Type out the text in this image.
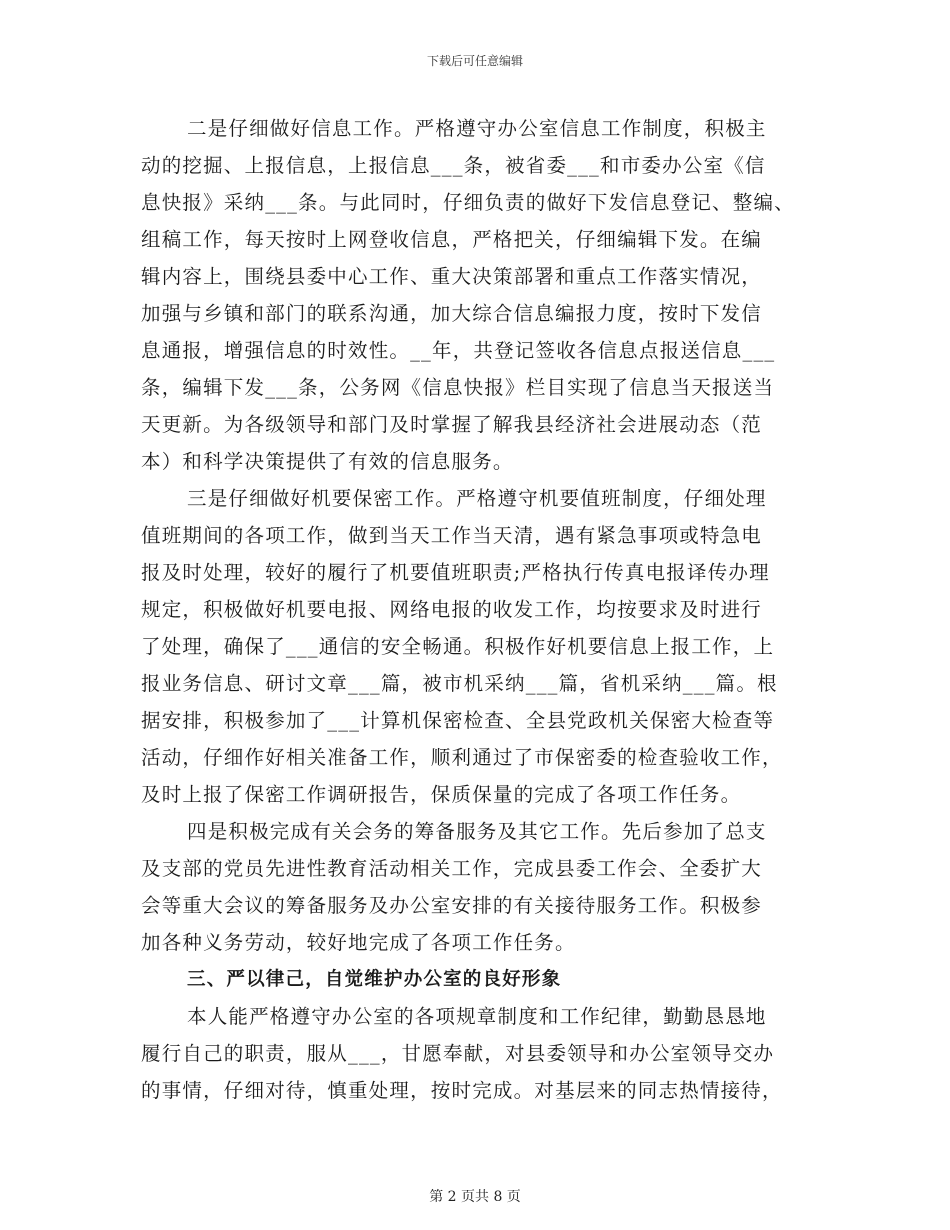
下载后可任意编辑
二是仔细做好信息工作。严格遵守办公室信息工作制度，积极主
动的挖掘、上报信息，上报信息___条，被省委___和市委办公室《信
息快报》采纳___条。与此同时，仔细负责的做好下发信息登记、整编、
组稿工作，每天按时上网登收信息，严格把关，仔细编辑下发。在编
辑内容上，围绕县委中心工作、重大决策部署和重点工作落实情况，
加强与乡镇和部门的联系沟通，加大综合信息编报力度，按时下发信
息通报，增强信息的时效性。__年，共登记签收各信息点报送信息___
条，编辑下发___条，公务网《信息快报》栏目实现了信息当天报送当
天更新。为各级领导和部门及时掌握了解我县经济社会进展动态（范
本）和科学决策提供了有效的信息服务。
三是仔细做好机要保密工作。严格遵守机要值班制度，仔细处理
值班期间的各项工作，做到当天工作当天清，遇有紧急事项或特急电
报及时处理，较好的履行了机要值班职责;严格执行传真电报译传办理
规定，积极做好机要电报、网络电报的收发工作，均按要求及时进行
了处理，确保了___通信的安全畅通。积极作好机要信息上报工作，上
报业务信息、研讨文章___篇，被市机采纳___篇，省机采纳___篇。根
据安排，积极参加了___计算机保密检查、全县党政机关保密大检查等
活动，仔细作好相关准备工作，顺利通过了市保密委的检查验收工作，
及时上报了保密工作调研报告，保质保量的完成了各项工作任务。
四是积极完成有关会务的筹备服务及其它工作。先后参加了总支
及支部的党员先进性教育活动相关工作，完成县委工作会、全委扩大
会等重大会议的筹备服务及办公室安排的有关接待服务工作。积极参
加各种义务劳动，较好地完成了各项工作任务。
三、严以律己，自觉维护办公室的良好形象
本人能严格遵守办公室的各项规章制度和工作纪律，勤勤恳恳地
履行自己的职责，服从___，甘愿奉献，对县委领导和办公室领导交办
的事情，仔细对待，慎重处理，按时完成。对基层来的同志热情接待，
第 2 页共 8 页
